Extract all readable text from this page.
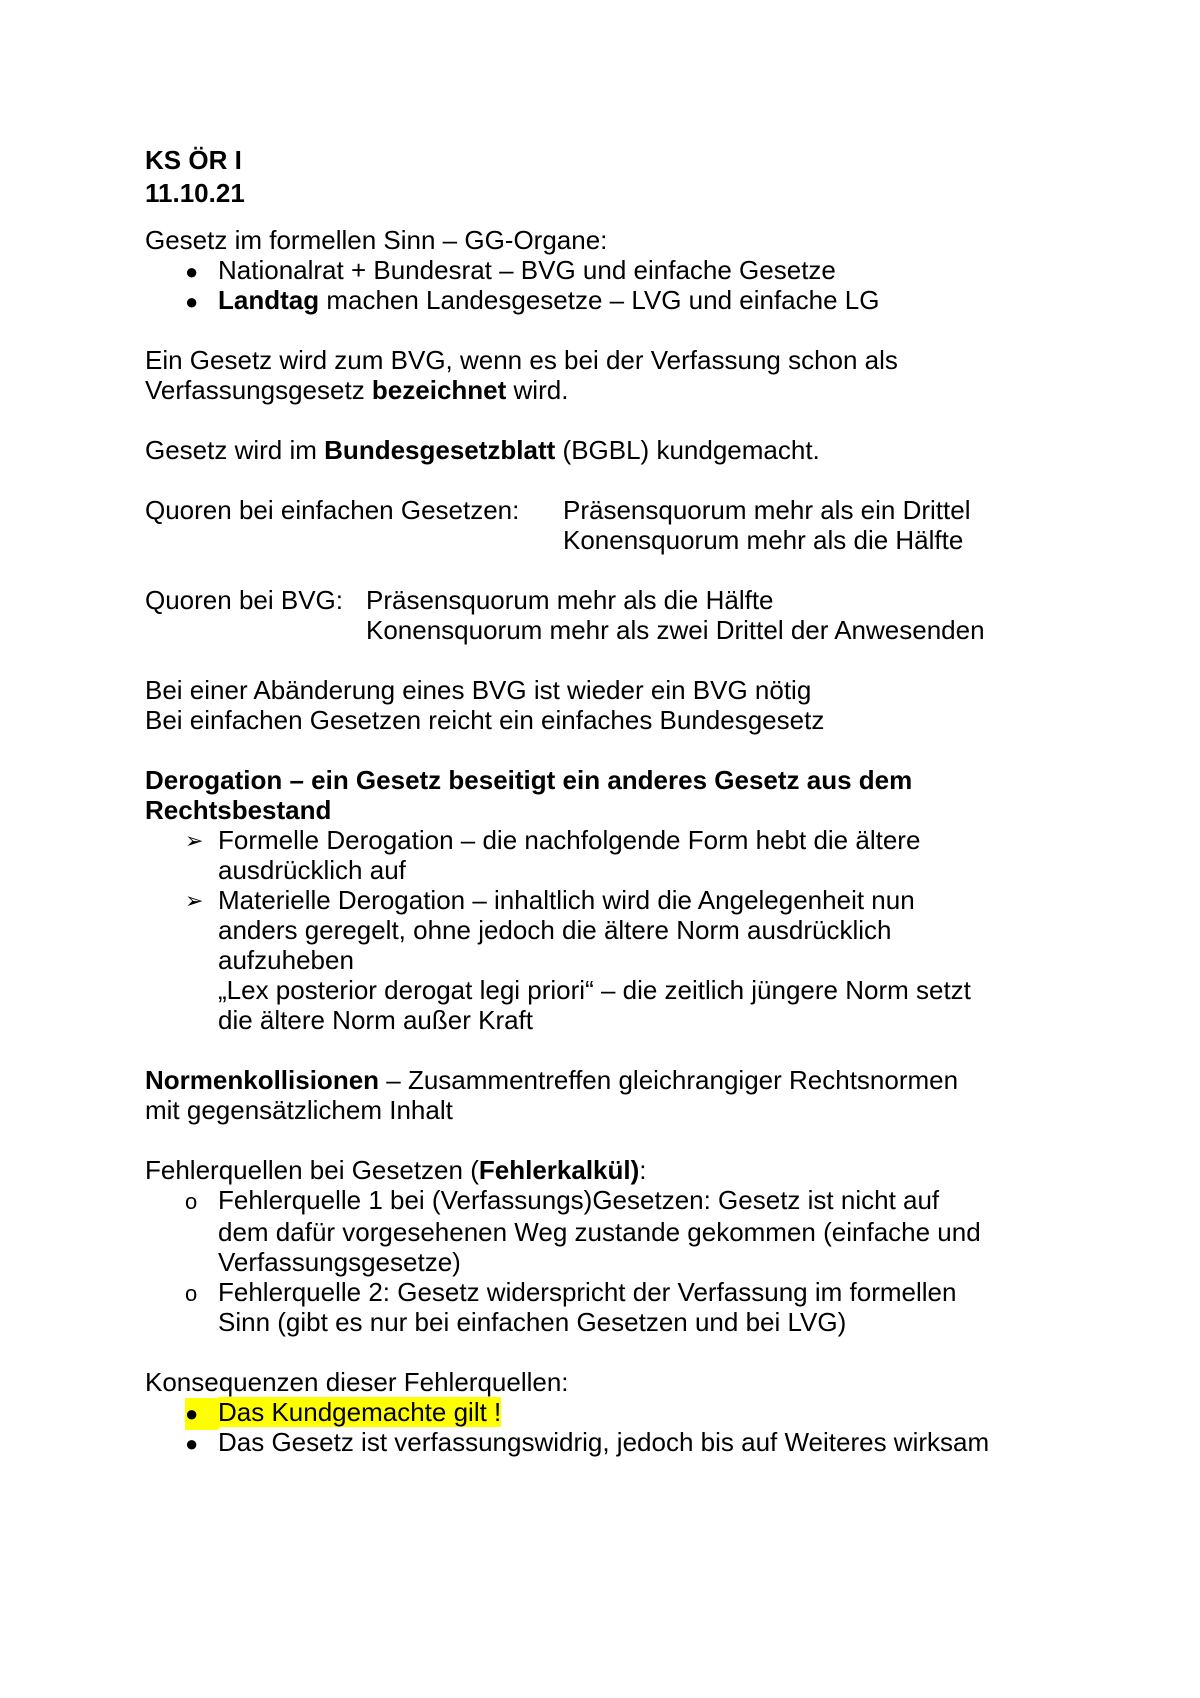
KS ÖR I
11.10.21
Gesetz im formellen Sinn – GG-Organe:
● Nationalrat + Bundesrat – BVG und einfache Gesetze
● Landtag machen Landesgesetze – LVG und einfache LG
Ein Gesetz wird zum BVG, wenn es bei der Verfassung schon als
Verfassungsgesetz bezeichnet wird.
Gesetz wird im Bundesgesetzblatt (BGBL) kundgemacht.
Quoren bei einfachen Gesetzen: Präsensquorum mehr als ein Drittel
Konensquorum mehr als die Hälfte
Quoren bei BVG: Präsensquorum mehr als die Hälfte
Konensquorum mehr als zwei Drittel der Anwesenden
Bei einer Abänderung eines BVG ist wieder ein BVG nötig
Bei einfachen Gesetzen reicht ein einfaches Bundesgesetz
Derogation – ein Gesetz beseitigt ein anderes Gesetz aus dem
Rechtsbestand
➢ Formelle Derogation – die nachfolgende Form hebt die ältere
ausdrücklich auf
➢ Materielle Derogation – inhaltlich wird die Angelegenheit nun
anders geregelt, ohne jedoch die ältere Norm ausdrücklich
aufzuheben
„Lex posterior derogat legi priori“ – die zeitlich jüngere Norm setzt
die ältere Norm außer Kraft
Normenkollisionen – Zusammentreffen gleichrangiger Rechtsnormen
mit gegensätzlichem Inhalt
Fehlerquellen bei Gesetzen (Fehlerkalkül):
o Fehlerquelle 1 bei (Verfassungs)Gesetzen: Gesetz ist nicht auf
dem dafür vorgesehenen Weg zustande gekommen (einfache und
Verfassungsgesetze)
o Fehlerquelle 2: Gesetz widerspricht der Verfassung im formellen
Sinn (gibt es nur bei einfachen Gesetzen und bei LVG)
Konsequenzen dieser Fehlerquellen:
● Das Kundgemachte gilt !
● Das Gesetz ist verfassungswidrig, jedoch bis auf Weiteres wirksam
